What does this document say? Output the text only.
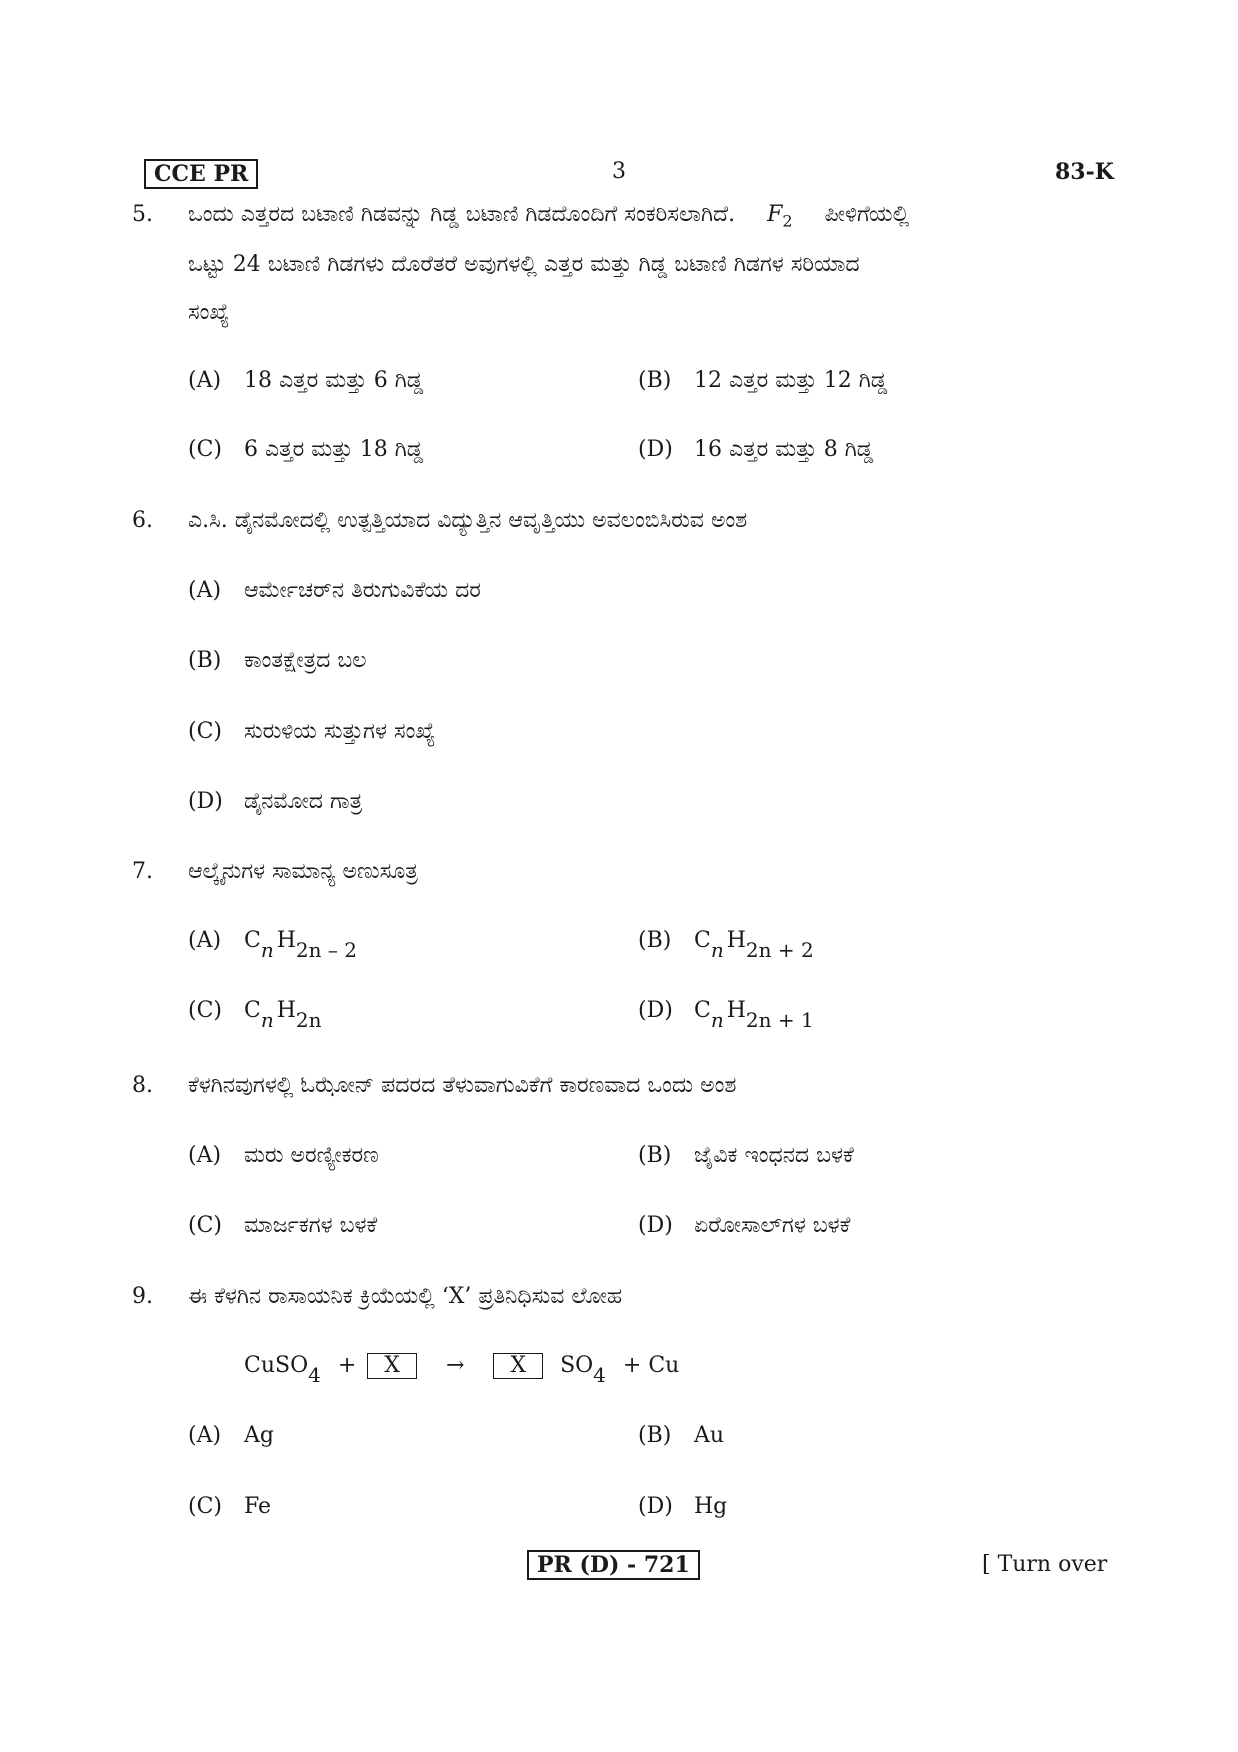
CCE PR	3	83-K
5. ಒಂದು ಎತ್ತರದ ಬಟಾಣಿ ಗಿಡವನ್ನು ಗಿಡ್ಡ ಬಟಾಣಿ ಗಿಡದೊಂದಿಗೆ ಸಂಕರಿಸಲಾಗಿದೆ. $F_2$ ಪೀಳಿಗೆಯಲ್ಲಿ
ಒಟ್ಟು 24 ಬಟಾಣಿ ಗಿಡಗಳು ದೊರೆತರೆ ಅವುಗಳಲ್ಲಿ ಎತ್ತರ ಮತ್ತು ಗಿಡ್ಡ ಬಟಾಣಿ ಗಿಡಗಳ ಸರಿಯಾದ
ಸಂಖ್ಯೆ
(A) 18 ಎತ್ತರ ಮತ್ತು 6 ಗಿಡ್ಡ	(B) 12 ಎತ್ತರ ಮತ್ತು 12 ಗಿಡ್ಡ
(C) 6 ಎತ್ತರ ಮತ್ತು 18 ಗಿಡ್ಡ	(D) 16 ಎತ್ತರ ಮತ್ತು 8 ಗಿಡ್ಡ
6. ಎ.ಸಿ. ಡೈನಮೋದಲ್ಲಿ ಉತ್ಪತ್ತಿಯಾದ ವಿದ್ಯುತ್ತಿನ ಆವೃತ್ತಿಯು ಅವಲಂಬಿಸಿರುವ ಅಂಶ
(A) ಆರ್ಮೇಚರ್‌ನ ತಿರುಗುವಿಕೆಯ ದರ
(B) ಕಾಂತಕ್ಷೇತ್ರದ ಬಲ
(C) ಸುರುಳಿಯ ಸುತ್ತುಗಳ ಸಂಖ್ಯೆ
(D) ಡೈನಮೋದ ಗಾತ್ರ
7. ಆಲ್ಕೈನುಗಳ ಸಾಮಾನ್ಯ ಅಣುಸೂತ್ರ
(A) $C_n$ $H_{2n - 2}$	(B) $C_n$ $H_{2n + 2}$
(C) $C_n$ $H_{2n}$	(D) $C_n$ $H_{2n + 1}$
8. ಕೆಳಗಿನವುಗಳಲ್ಲಿ ಓಝೋನ್ ಪದರದ ತೆಳುವಾಗುವಿಕೆಗೆ ಕಾರಣವಾದ ಒಂದು ಅಂಶ
(A) ಮರು ಅರಣ್ಯೀಕರಣ	(B) ಜೈವಿಕ ಇಂಧನದ ಬಳಕೆ
(C) ಮಾರ್ಜಕಗಳ ಬಳಕೆ	(D) ಏರೋಸಾಲ್‌ಗಳ ಬಳಕೆ
9. ಈ ಕೆಳಗಿನ ರಾಸಾಯನಿಕ ಕ್ರಿಯೆಯಲ್ಲಿ ‘X’ ಪ್ರತಿನಿಧಿಸುವ ಲೋಹ
CuSO$_4$ + X → X $SO_4 + Cu$
(A) Ag	(B) Au
(C) Fe	(D) Hg
PR (D) - 721	[ Turn over
